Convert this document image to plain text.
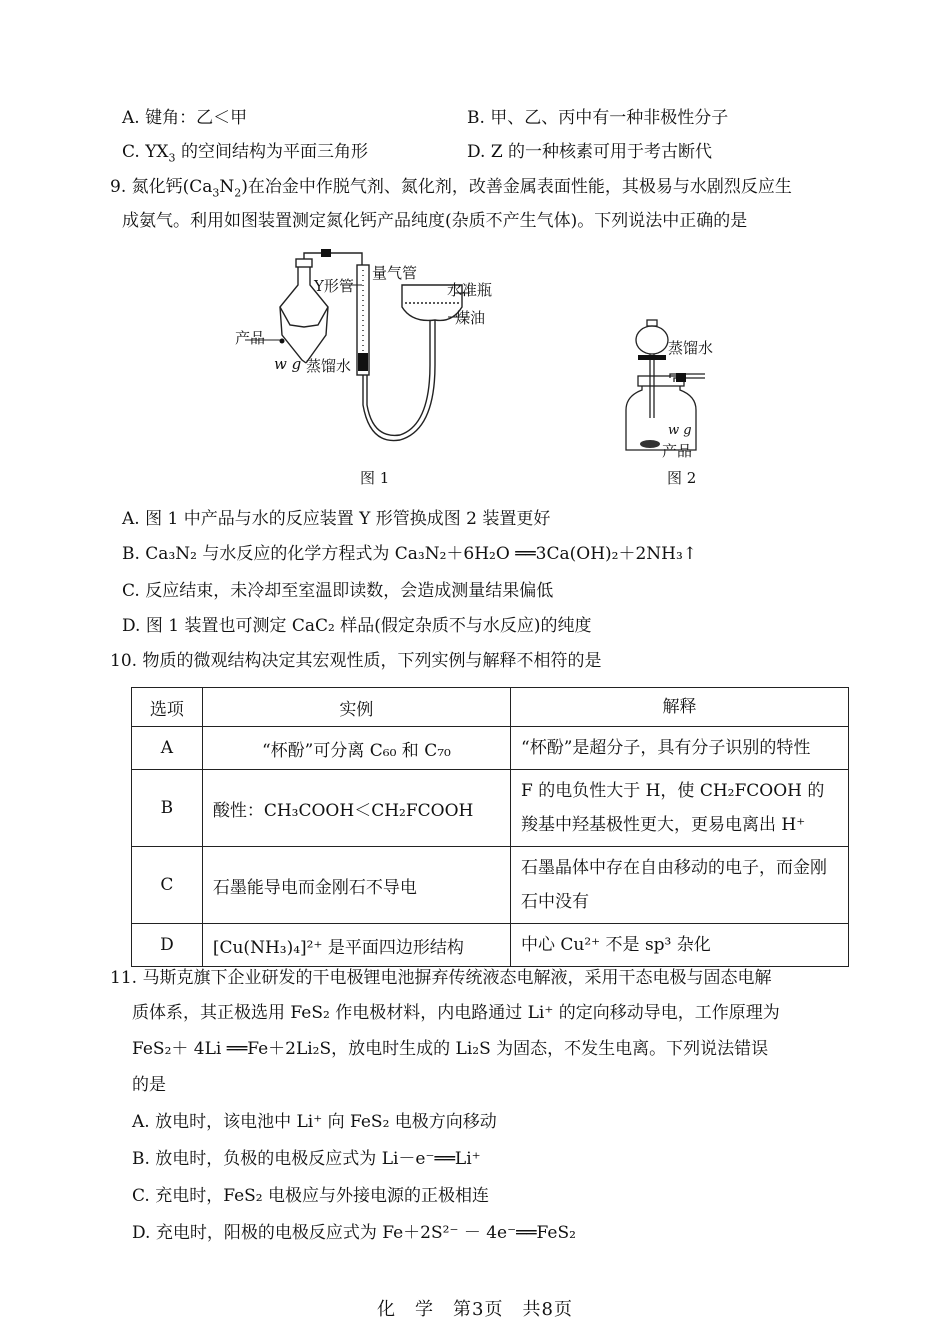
A. 键角：乙＜甲	B. 甲、乙、丙中有一种非极性分子
C. $YX_3$ 的空间结构为平面三角形	D. Z 的一种核素可用于考古断代
9. 氮化钙$(Ca_3N_2)$在冶金中作脱气剂、氮化剂，改善金属表面性能，其极易与水剧烈反应生
成氨气。利用如图装置测定氮化钙产品纯度(杂质不产生气体)。下列说法中正确的是
Y形管
量气管
水准瓶
煤油
产品
w g 蒸馏水
图 1
蒸馏水
w g
产品
图 2
A. 图 1 中产品与水的反应装置 Y 形管换成图 2 装置更好
B. Ca₃N₂ 与水反应的化学方程式为 Ca₃N₂＋6H₂O ══3Ca(OH)₂＋2NH₃↑
C. 反应结束，未冷却至室温即读数，会造成测量结果偏低
D. 图 1 装置也可测定 CaC₂ 样品(假定杂质不与水反应)的纯度
10. 物质的微观结构决定其宏观性质，下列实例与解释不相符的是
选项	实例	解释
A	“杯酚”可分离 C₆₀ 和 C₇₀	“杯酚”是超分子，具有分子识别的特性
B	酸性：CH₃COOH＜CH₂FCOOH	F 的电负性大于 H，使 CH₂FCOOH 的羧基中羟基极性更大，更易电离出 H⁺
C	石墨能导电而金刚石不导电	石墨晶体中存在自由移动的电子，而金刚石中没有
D	[Cu(NH₃)₄]²⁺ 是平面四边形结构	中心 Cu²⁺ 不是 sp³ 杂化
11. 马斯克旗下企业研发的干电极锂电池摒弃传统液态电解液，采用干态电极与固态电解
质体系，其正极选用 FeS₂ 作电极材料，内电路通过 Li⁺ 的定向移动导电，工作原理为
FeS₂＋ 4Li ══Fe＋2Li₂S，放电时生成的 Li₂S 为固态，不发生电离。下列说法错误
的是
A. 放电时，该电池中 Li⁺ 向 FeS₂ 电极方向移动
B. 放电时，负极的电极反应式为 Li－e⁻══Li⁺
C. 充电时，FeS₂ 电极应与外接电源的正极相连
D. 充电时，阳极的电极反应式为 Fe＋2S²⁻ － 4e⁻══FeS₂
化　学　第3页　共8页
